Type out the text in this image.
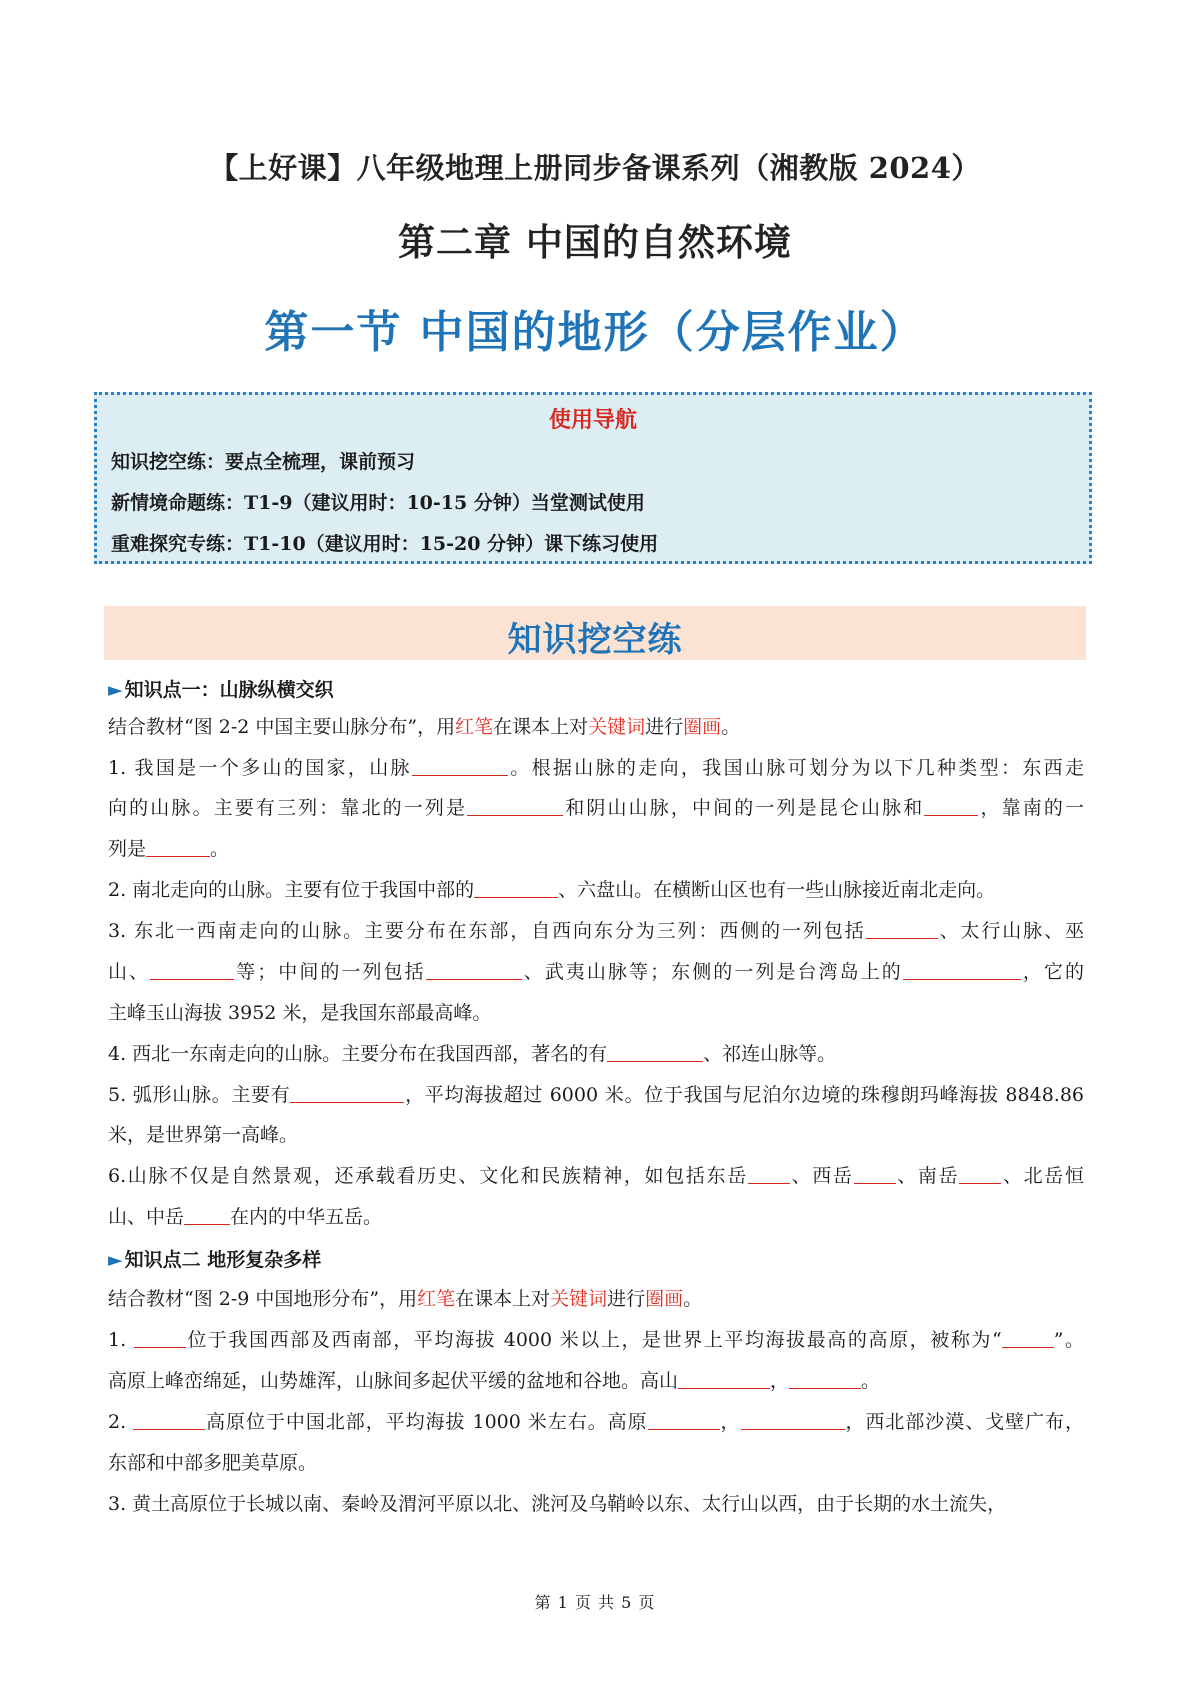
【上好课】八年级地理上册同步备课系列（湘教版 2024）
第二章 中国的自然环境
第一节 中国的地形（分层作业）
使用导航
知识挖空练：要点全梳理，课前预习
新情境命题练：T1-9（建议用时：10-15 分钟）当堂测试使用
重难探究专练：T1-10（建议用时：15-20 分钟）课下练习使用
知识挖空练
► 知识点一：山脉纵横交织
结合教材“图 2-2 中国主要山脉分布”，用红笔在课本上对关键词进行圈画。
1. 我国是一个多山的国家，山脉	。根据山脉的走向，我国山脉可划分为以下几种类型：东西走
向的山脉。主要有三列：靠北的一列是	和阴山山脉，中间的一列是昆仑山脉和	，靠南的一
列是	。
2. 南北走向的山脉。主要有位于我国中部的	、六盘山。在横断山区也有一些山脉接近南北走向。
3. 东北一西南走向的山脉。主要分布在东部，自西向东分为三列：西侧的一列包括	、太行山脉、巫
山、	等；中间的一列包括	、武夷山脉等；东侧的一列是台湾岛上的	，它的
主峰玉山海拔 3952 米，是我国东部最高峰。
4. 西北一东南走向的山脉。主要分布在我国西部，著名的有	、祁连山脉等。
5. 弧形山脉。主要有	，平均海拔超过 6000 米。位于我国与尼泊尔边境的珠穆朗玛峰海拔 8848.86
米，是世界第一高峰。
6.山脉不仅是自然景观，还承载看历史、文化和民族精神，如包括东岳 、西岳 、南岳 、北岳恒
山、中岳 在内的中华五岳。
► 知识点二 地形复杂多样
结合教材“图 2-9 中国地形分布”，用红笔在课本上对关键词进行圈画。
1.	位于我国西部及西南部，平均海拔 4000 米以上，是世界上平均海拔最高的高原，被称为“	”。
高原上峰峦绵延，山势雄浑，山脉间多起伏平缓的盆地和谷地。高山	，	。
2.	高原位于中国北部，平均海拔 1000 米左右。高原	，	，西北部沙漠、戈壁广布，
东部和中部多肥美草原。
3. 黄土高原位于长城以南、秦岭及渭河平原以北、洮河及乌鞘岭以东、太行山以西，由于长期的水土流失，
第 1 页 共 5 页
